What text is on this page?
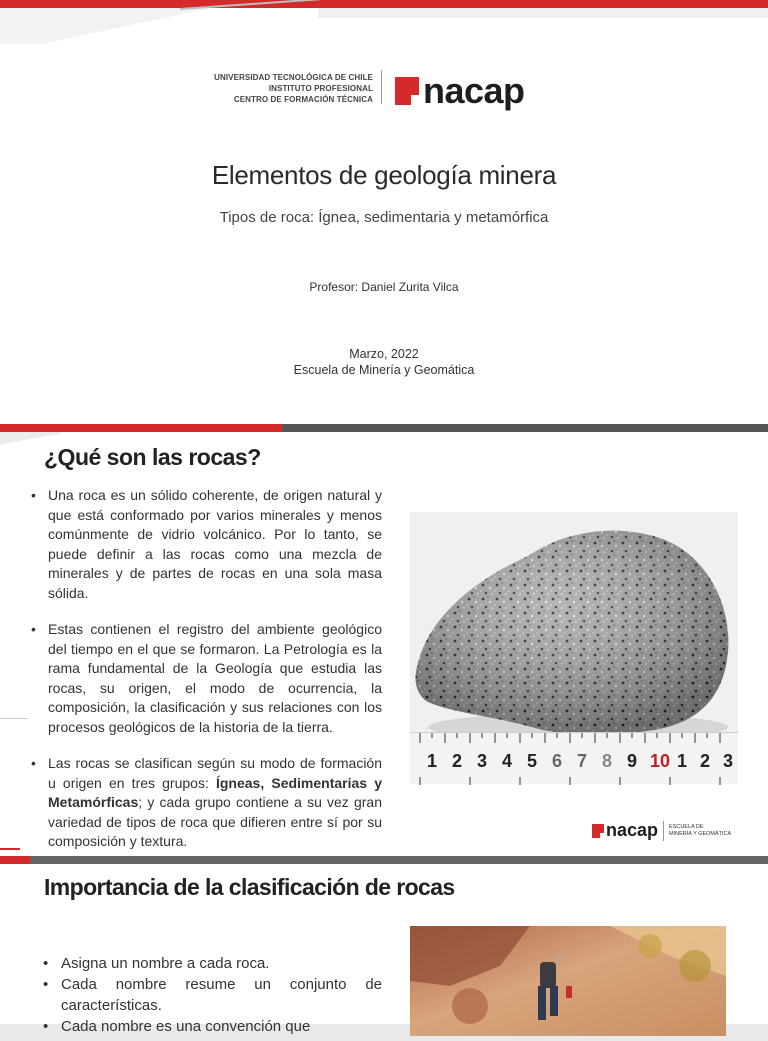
UNIVERSIDAD TECNOLÓGICA DE CHILE
INSTITUTO PROFESIONAL
CENTRO DE FORMACIÓN TÉCNICA nacap
Elementos de geología minera
Tipos de roca: Ígnea, sedimentaria y metamórfica
Profesor: Daniel Zurita Vilca
Marzo, 2022
Escuela de Minería y Geomática
¿Qué son las rocas?
• Una roca es un sólido coherente, de origen natural y que está conformado por varios minerales y menos comúnmente de vidrio volcánico. Por lo tanto, se puede definir a las rocas como una mezcla de minerales y de partes de rocas en una sola masa sólida.
• Estas contienen el registro del ambiente geológico del tiempo en el que se formaron. La Petrología es la rama fundamental de la Geología que estudia las rocas, su origen, el modo de ocurrencia, la composición, la clasificación y sus relaciones con los procesos geológicos de la historia de la tierra.
• Las rocas se clasifican según su modo de formación u origen en tres grupos: Ígneas, Sedimentarias y Metamórficas; y cada grupo contiene a su vez gran variedad de tipos de roca que difieren entre sí por su composición y textura.
1 2 3 4 5 6 7 8 9 10 1 2 3
nacap ESCUELA DE
MINERÍA Y GEOMÁTICA
Importancia de la clasificación de rocas
• Asigna un nombre a cada roca.
• Cada nombre resume un conjunto de características.
• Cada nombre es una convención que
